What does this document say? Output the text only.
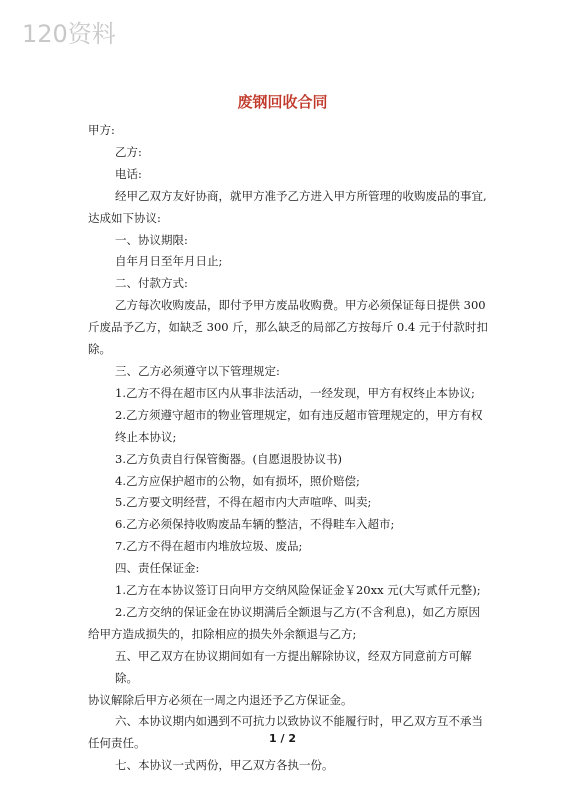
120资料
废钢回收合同
甲方:
乙方:
电话:
经甲乙双方友好协商，就甲方准予乙方进入甲方所管理的收购废品的事宜,
达成如下协议:
一、协议期限:
自年月日至年月日止;
二、付款方式:
乙方每次收购废品，即付予甲方废品收购费。甲方必须保证每日提供 300
斤废品予乙方，如缺乏 300 斤，那么缺乏的局部乙方按每斤 0.4 元于付款时扣
除。
三、乙方必须遵守以下管理规定:
1.乙方不得在超市区内从事非法活动，一经发现，甲方有权终止本协议;
2.乙方须遵守超市的物业管理规定，如有违反超市管理规定的，甲方有权
终止本协议;
3.乙方负责自行保管衡器。(自愿退股协议书)
4.乙方应保护超市的公物，如有损坏，照价赔偿;
5.乙方要文明经营，不得在超市内大声喧哗、叫卖;
6.乙方必须保持收购废品车辆的整洁，不得畦车入超市;
7.乙方不得在超市内堆放垃圾、废品;
四、责任保证金:
1.乙方在本协议签订日向甲方交纳风险保证金￥20xx 元(大写贰仟元整);
2.乙方交纳的保证金在协议期满后全额退与乙方(不含利息)，如乙方原因
给甲方造成损失的，扣除相应的损失外余额退与乙方;
五、甲乙双方在协议期间如有一方提出解除协议，经双方同意前方可解除。
协议解除后甲方必须在一周之内退还予乙方保证金。
六、本协议期内如遇到不可抗力以致协议不能履行时，甲乙双方互不承当
任何责任。
七、本协议一式两份，甲乙双方各执一份。
1 / 2
